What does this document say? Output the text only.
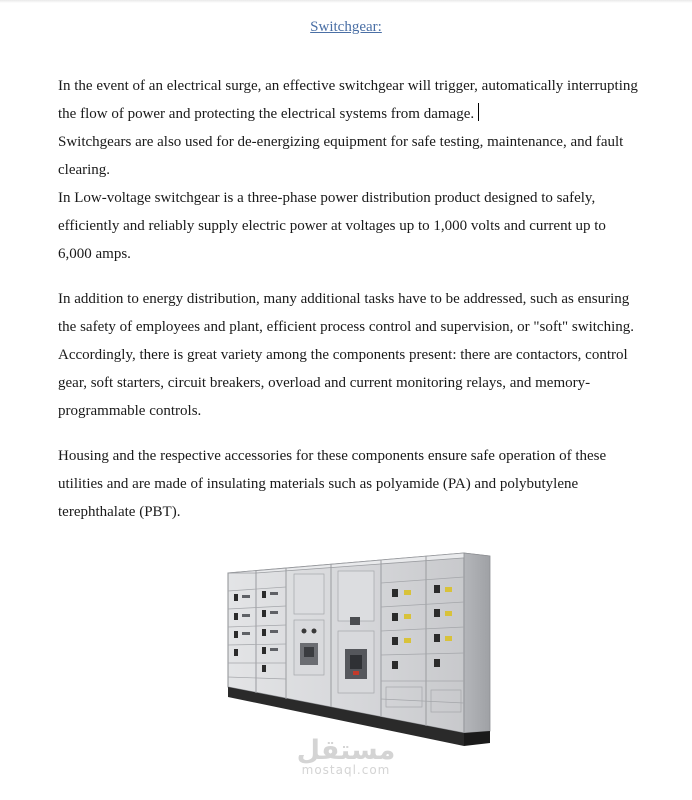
Switchgear:

In the event of an electrical surge, an effective switchgear will trigger, automatically interrupting the flow of power and protecting the electrical systems from damage.

Switchgears are also used for de-energizing equipment for safe testing, maintenance, and fault clearing.

In Low-voltage switchgear is a three-phase power distribution product designed to safely, efficiently and reliably supply electric power at voltages up to 1,000 volts and current up to 6,000 amps.

In addition to energy distribution, many additional tasks have to be addressed, such as ensuring the safety of employees and plant, efficient process control and supervision, or "soft" switching. Accordingly, there is great variety among the components present: there are contactors, control gear, soft starters, circuit breakers, overload and current monitoring relays, and memory-programmable controls.

Housing and the respective accessories for these components ensure safe operation of these utilities and are made of insulating materials such as polyamide (PA) and polybutylene terephthalate (PBT).

مستقل
mostaql.com
